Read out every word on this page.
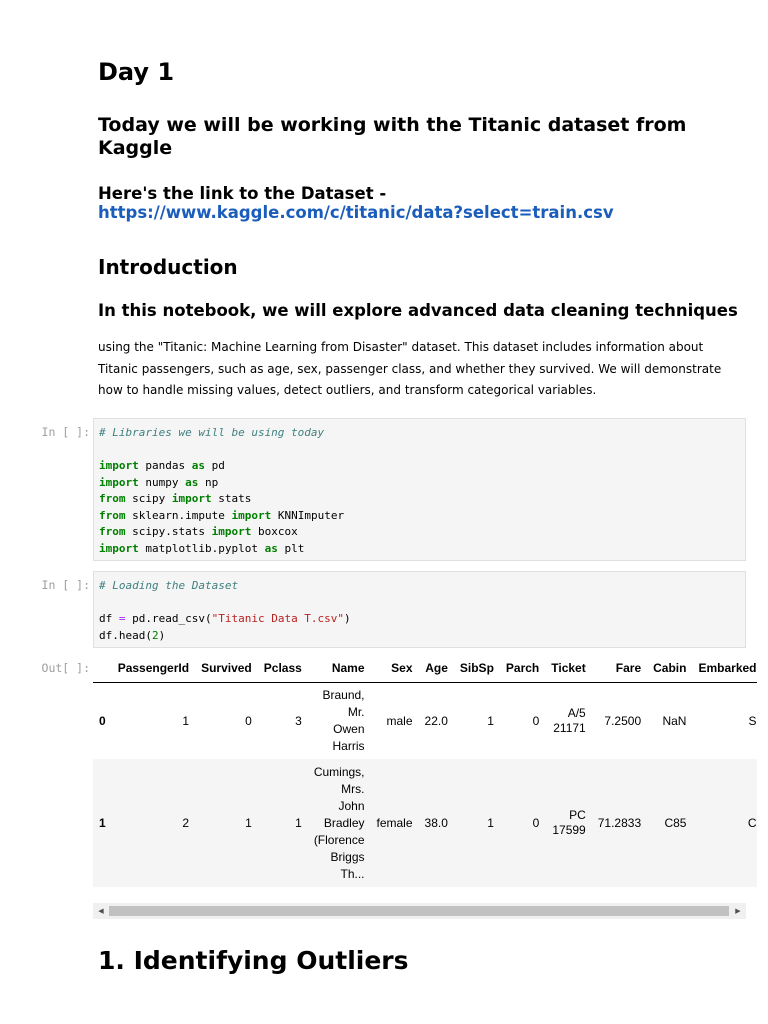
Day 1
Today we will be working with the Titanic dataset from Kaggle
Here's the link to the Dataset - https://www.kaggle.com/c/titanic/data?select=train.csv
Introduction
In this notebook, we will explore advanced data cleaning techniques

using the "Titanic: Machine Learning from Disaster" dataset. This dataset includes information about Titanic passengers, such as age, sex, passenger class, and whether they survived. We will demonstrate how to handle missing values, detect outliers, and transform categorical variables.

In [ ]: # Libraries we will be using today
import pandas as pd
import numpy as np
from scipy import stats
from sklearn.impute import KNNImputer
from scipy.stats import boxcox
import matplotlib.pyplot as plt
In [ ]: # Loading the Dataset
df = pd.read_csv("Titanic Data T.csv")
df.head(2)
Out[ ]:
	PassengerId	Survived	Pclass	Name	Sex	Age	SibSp	Parch	Ticket	Fare	Cabin	Embarked
0	1	0	3	Braund, Mr. Owen Harris	male	22.0	1	0	A/5 21171	7.2500	NaN	S
1	2	1	1	Cumings, Mrs. John Bradley (Florence Briggs Th...	female	38.0	1	0	PC 17599	71.2833	C85	C
◀	▶
1. Identifying Outliers
